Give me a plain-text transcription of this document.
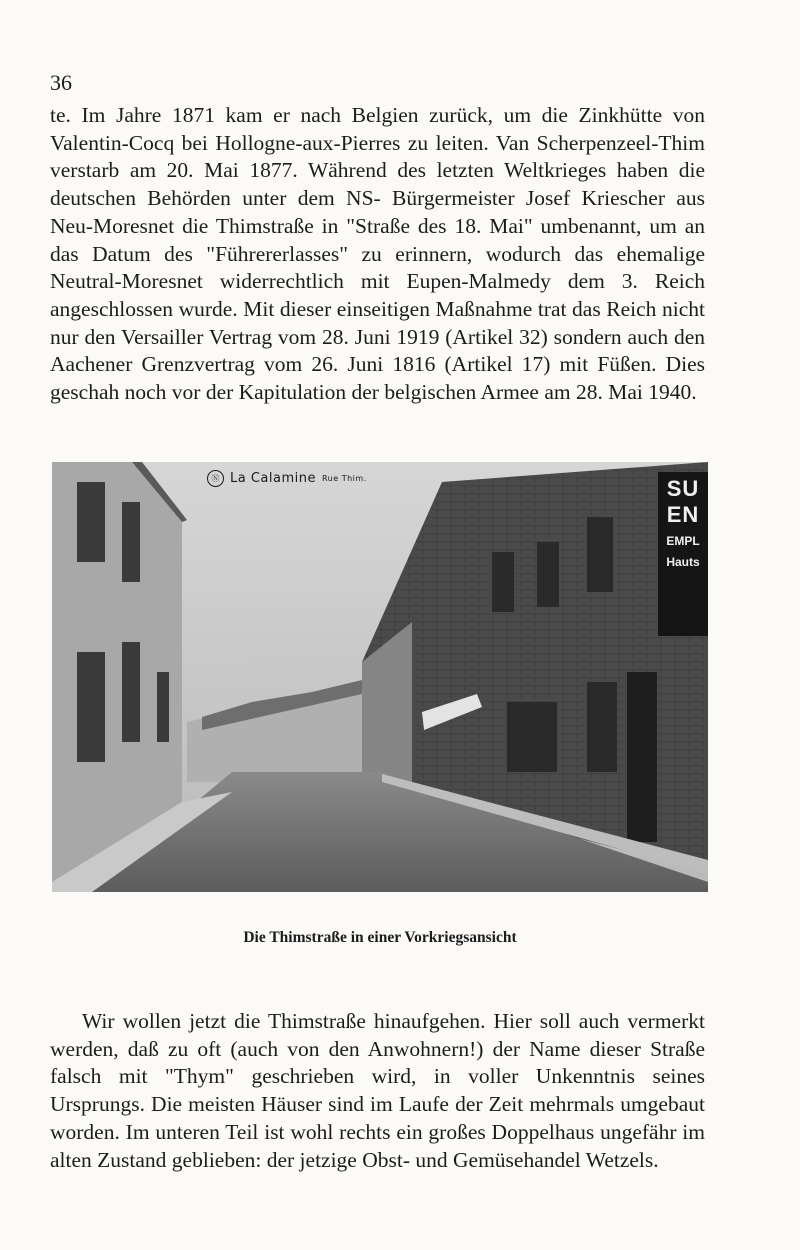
36

te. Im Jahre 1871 kam er nach Belgien zurück, um die Zinkhütte von Valentin-Cocq bei Hollogne-aux-Pierres zu leiten. Van Scherpenzeel-Thim verstarb am 20. Mai 1877. Während des letzten Weltkrieges haben die deutschen Behörden unter dem NS- Bürgermeister Josef Kriescher aus Neu-Moresnet die Thimstraße in "Straße des 18. Mai" umbenannt, um an das Datum des "Führererlasses" zu erinnern, wodurch das ehemalige Neutral-Moresnet widerrechtlich mit Eupen-Malmedy dem 3. Reich angeschlossen wurde. Mit dieser einseitigen Maßnahme trat das Reich nicht nur den Versailler Vertrag vom 28. Juni 1919 (Artikel 32) sondern auch den Aachener Grenzvertrag vom 26. Juni 1816 (Artikel 17) mit Füßen. Dies geschah noch vor der Kapitulation der belgischen Armee am 28. Mai 1940.

Ⓝ La Calamine Rue Thim.	SU
EN
EMPL
Hauts
Die Thimstraße in einer Vorkriegsansicht

Wir wollen jetzt die Thimstraße hinaufgehen. Hier soll auch vermerkt werden, daß zu oft (auch von den Anwohnern!) der Name dieser Straße falsch mit "Thym" geschrieben wird, in voller Unkenntnis seines Ursprungs. Die meisten Häuser sind im Laufe der Zeit mehrmals umgebaut worden. Im unteren Teil ist wohl rechts ein großes Doppelhaus ungefähr im alten Zustand geblieben: der jetzige Obst- und Gemüsehandel Wetzels.
